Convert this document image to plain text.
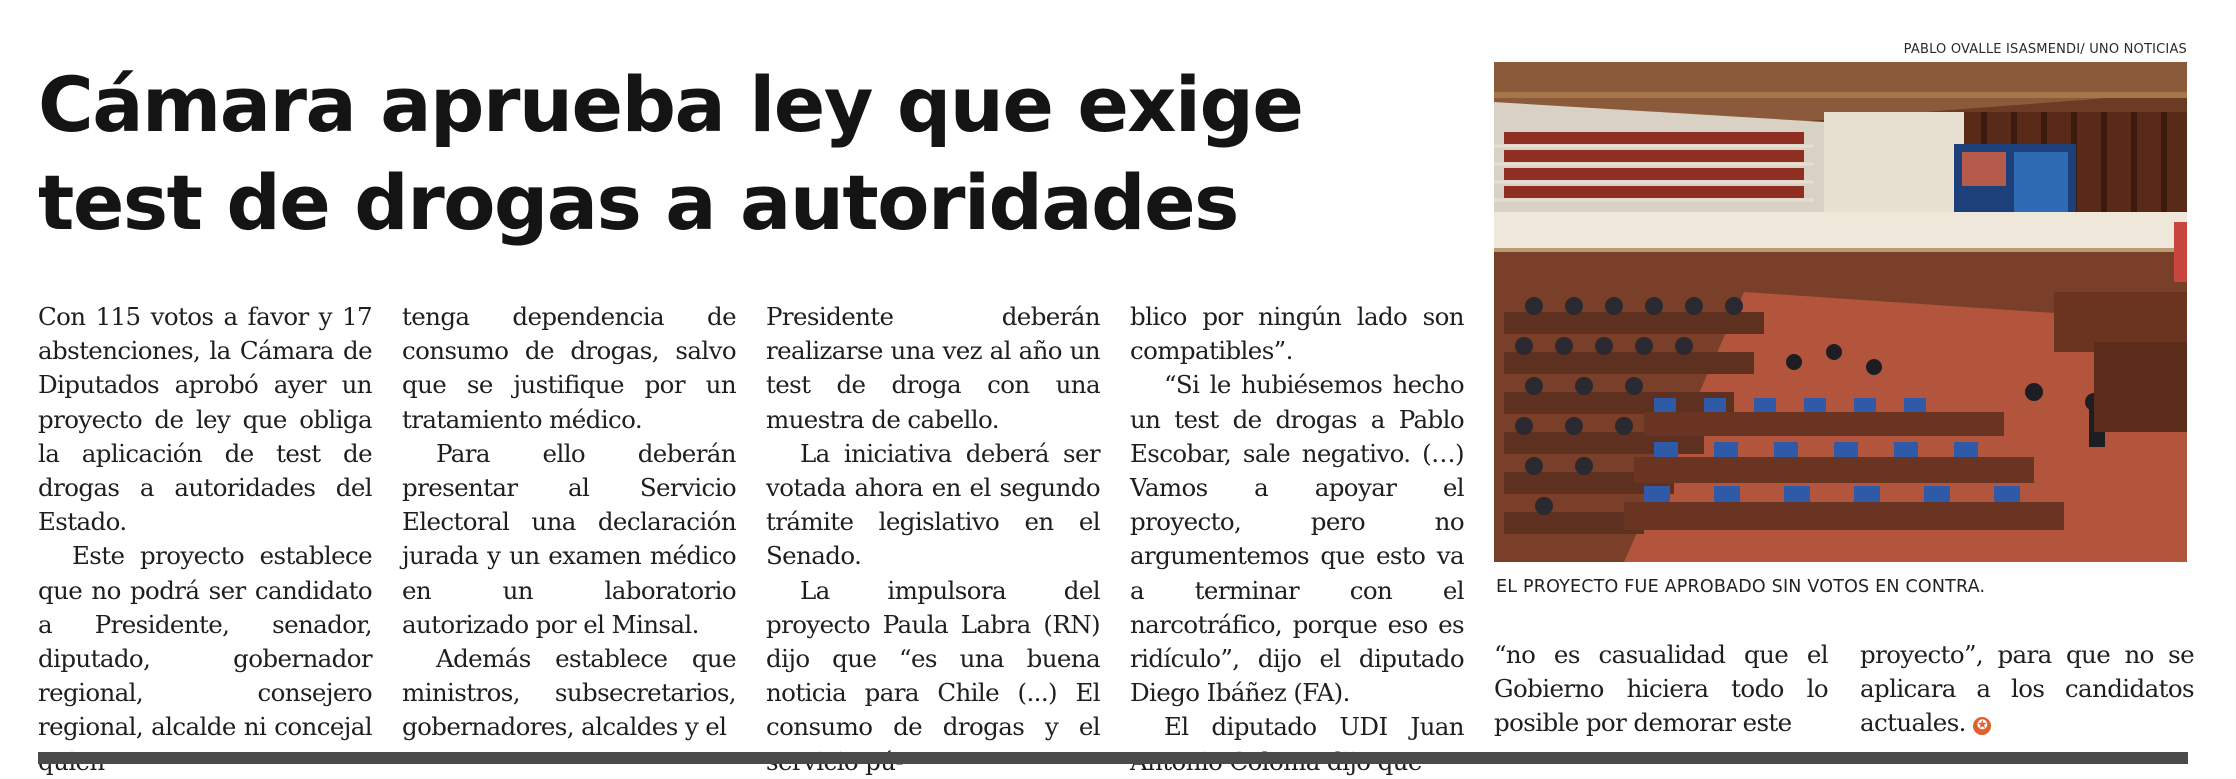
Cámara aprueba ley que exige
test de drogas a autoridades

Con 115 votos a favor y 17 abstenciones, la Cámara de Diputados aprobó ayer un proyecto de ley que obliga la aplicación de test de drogas a autoridades del Estado.

Este proyecto establece que no podrá ser candidato a Presidente, senador, diputado, gobernador regional, consejero regional, alcalde ni concejal

tenga dependencia de consumo de drogas, salvo que se justifique por un tratamiento médico.

Para ello deberán presentar al Servicio Electoral una declaración jurada y un examen médico en un laboratorio autorizado por el Minsal.

Además establece que ministros, subsecretarios, gobernadores, alcaldes y el

Presidente deberán realizarse una vez al año un test de droga con una muestra de cabello.

La iniciativa deberá ser votada ahora en el segundo trámite legislativo en el Senado.

La impulsora del proyecto Paula Labra (RN) dijo que “es una buena noticia para Chile (...) El consumo de drogas y el

blico por ningún lado son compatibles”.

“Si le hubiésemos hecho un test de drogas a Pablo Escobar, sale negativo. (…) Vamos a apoyar el proyecto, pero no argumentemos que esto va a terminar con el narcotráfico, porque eso es ridículo”, dijo el diputado Diego Ibáñez (FA).

El diputado UDI Juan

PABLO OVALLE ISASMENDI/ UNO NOTICIAS
EL PROYECTO FUE APROBADO SIN VOTOS EN CONTRA.

“no es casualidad que el Gobierno hiciera todo lo posible por demorar este

proyecto”, para que no se aplicara a los candidatos actuales. ✪
